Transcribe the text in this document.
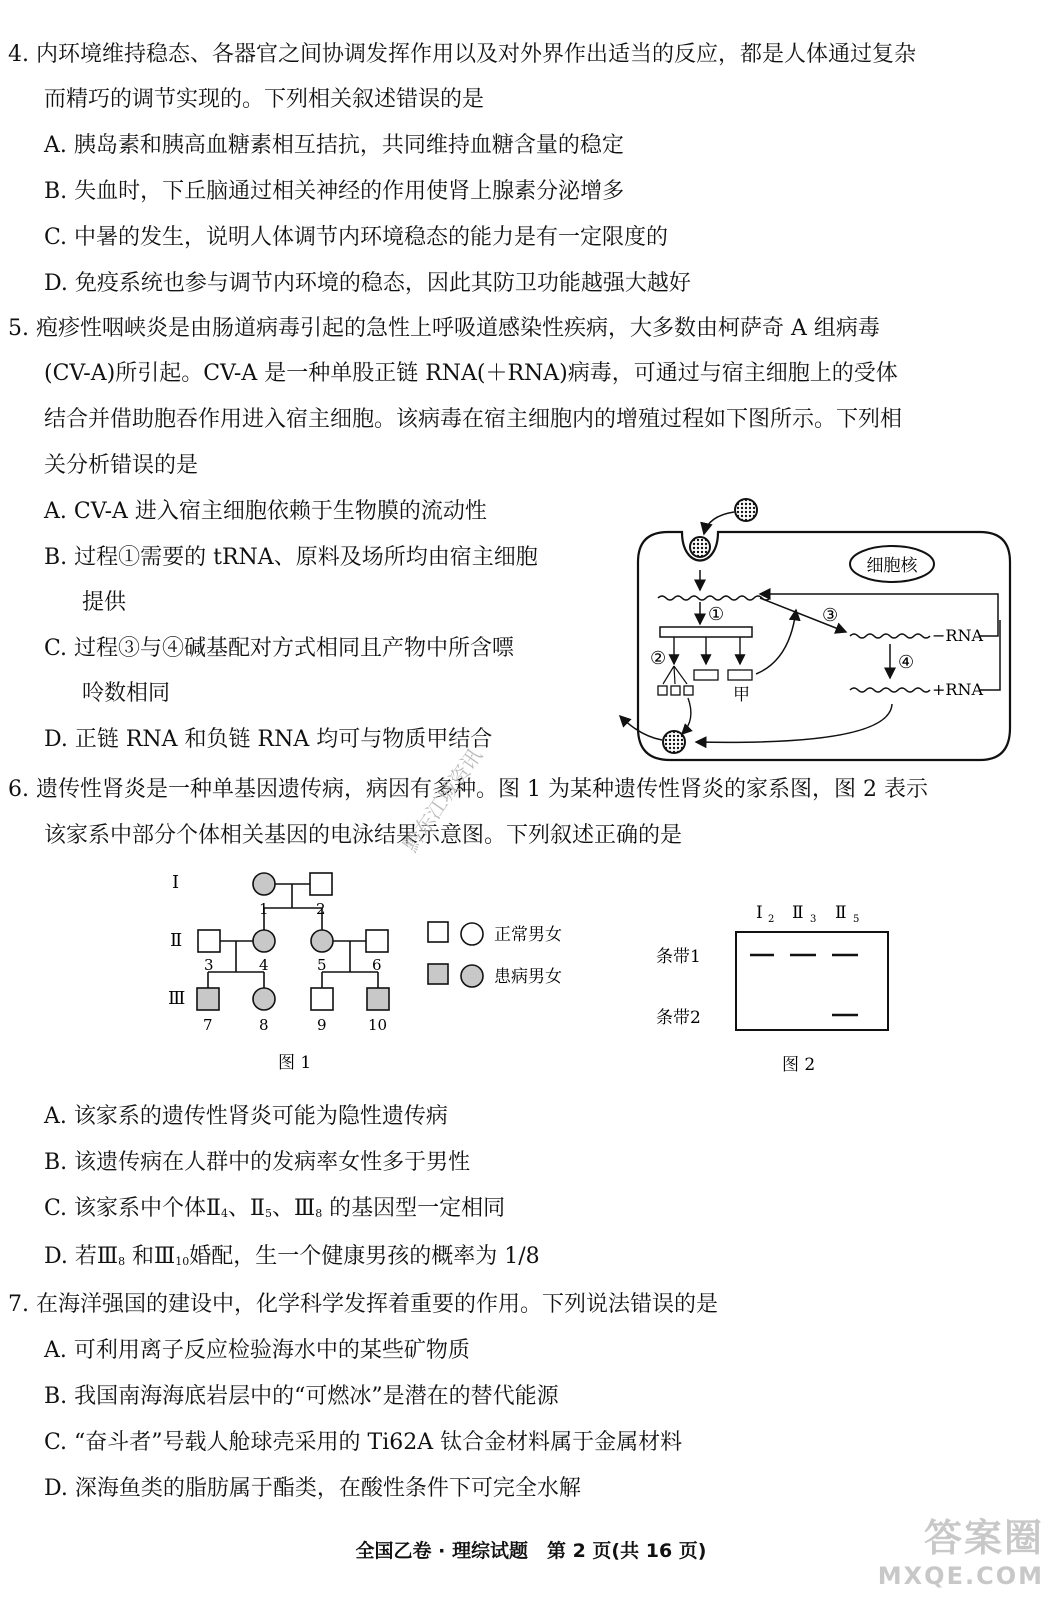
4. 内环境维持稳态、各器官之间协调发挥作用以及对外界作出适当的反应，都是人体通过复杂
而精巧的调节实现的。下列相关叙述错误的是
A. 胰岛素和胰高血糖素相互拮抗，共同维持血糖含量的稳定
B. 失血时，下丘脑通过相关神经的作用使肾上腺素分泌增多
C. 中暑的发生，说明人体调节内环境稳态的能力是有一定限度的
D. 免疫系统也参与调节内环境的稳态，因此其防卫功能越强大越好
5. 疱疹性咽峡炎是由肠道病毒引起的急性上呼吸道感染性疾病，大多数由柯萨奇 A 组病毒
(CV-A)所引起。CV-A 是一种单股正链 RNA(＋RNA)病毒，可通过与宿主细胞上的受体
结合并借助胞吞作用进入宿主细胞。该病毒在宿主细胞内的增殖过程如下图所示。下列相
关分析错误的是
A. CV-A 进入宿主细胞依赖于生物膜的流动性
B. 过程①需要的 tRNA、原料及场所均由宿主细胞
提供
C. 过程③与④碱基配对方式相同且产物中所含嘌
呤数相同
D. 正链 RNA 和负链 RNA 均可与物质甲结合
细胞核
①
②
甲
③
−RNA
④
+RNA
6. 遗传性肾炎是一种单基因遗传病，病因有多种。图 1 为某种遗传性肾炎的家系图，图 2 表示
该家系中部分个体相关基因的电泳结果示意图。下列叙述正确的是
Ⅰ
Ⅱ
Ⅲ
1	2
3	4	5	6
7	8	9	10
正常男女
患病男女
图 1
Ⅰ 2 Ⅱ 3 Ⅱ 5
条带1
条带2
图 2
A. 该家系的遗传性肾炎可能为隐性遗传病
B. 该遗传病在人群中的发病率女性多于男性
C. 该家系中个体$Ⅱ_4$、$Ⅱ_5$、$Ⅲ_8$ 的基因型一定相同
D. 若$Ⅲ_8$ 和$Ⅲ_{10}$婚配，生一个健康男孩的概率为 1/8
7. 在海洋强国的建设中，化学科学发挥着重要的作用。下列说法错误的是
A. 可利用离子反应检验海水中的某些矿物质
B. 我国南海海底岩层中的“可燃冰”是潜在的替代能源
C. “奋斗者”号载人舱球壳采用的 Ti62A 钛合金材料属于金属材料
D. 深海鱼类的脂肪属于酯类，在酸性条件下可完全水解
黔东江城资讯
全国乙卷 · 理综试题　第 2 页(共 16 页)	答案圈
MXQE.COM
